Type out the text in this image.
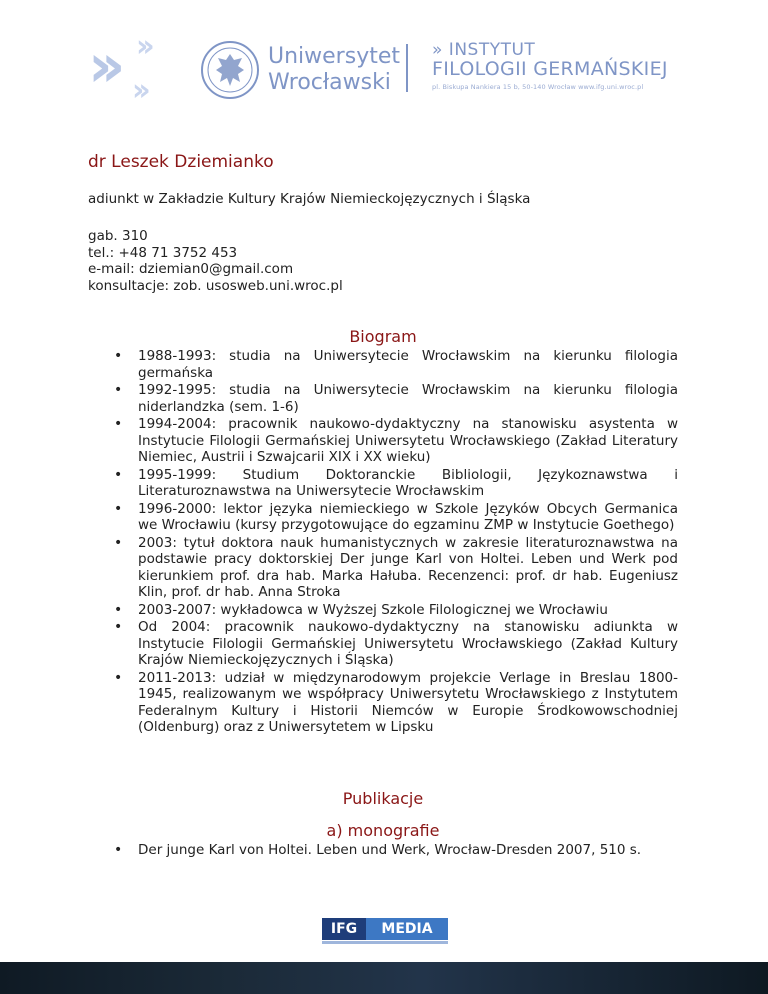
›› ››
››
Uniwersytet
Wrocławski
» INSTYTUT
FILOLOGII GERMAŃSKIEJ
pl. Biskupa Nankiera 15 b, 50-140 Wrocław www.ifg.uni.wroc.pl

dr Leszek Dziemianko

adiunkt w Zakładzie Kultury Krajów Niemieckojęzycznych i Śląska

gab. 310
tel.: +48 71 3752 453
e-mail: dziemian0@gmail.com
konsultacje: zob. usosweb.uni.wroc.pl

Biogram

• 1988-1993: studia na Uniwersytecie Wrocławskim na kierunku filologia germańska
• 1992-1995: studia na Uniwersytecie Wrocławskim na kierunku filologia niderlandzka (sem. 1-6)
• 1994-2004: pracownik naukowo-dydaktyczny na stanowisku asystenta w Instytucie Filologii Germańskiej Uniwersytetu Wrocławskiego (Zakład Literatury Niemiec, Austrii i Szwajcarii XIX i XX wieku)
• 1995-1999: Studium Doktoranckie Bibliologii, Językoznawstwa i Literaturoznawstwa na Uniwersytecie Wrocławskim
• 1996-2000: lektor języka niemieckiego w Szkole Języków Obcych Germanica we Wrocławiu (kursy przygotowujące do egzaminu ZMP w Instytucie Goethego)
• 2003: tytuł doktora nauk humanistycznych w zakresie literaturoznawstwa na podstawie pracy doktorskiej Der junge Karl von Holtei. Leben und Werk pod kierunkiem prof. dra hab. Marka Hałuba. Recenzenci: prof. dr hab. Eugeniusz Klin, prof. dr hab. Anna Stroka
• 2003-2007: wykładowca w Wyższej Szkole Filologicznej we Wrocławiu
• Od 2004: pracownik naukowo-dydaktyczny na stanowisku adiunkta w Instytucie Filologii Germańskiej Uniwersytetu Wrocławskiego (Zakład Kultury Krajów Niemieckojęzycznych i Śląska)
• 2011-2013: udział w międzynarodowym projekcie Verlage in Breslau 1800-1945, realizowanym we współpracy Uniwersytetu Wrocławskiego z Instytutem Federalnym Kultury i Historii Niemców w Europie Środkowowschodniej (Oldenburg) oraz z Uniwersytetem w Lipsku

Publikacje

a) monografie

• Der junge Karl von Holtei. Leben und Werk, Wrocław-Dresden 2007, 510 s.
IFG	MEDIA
